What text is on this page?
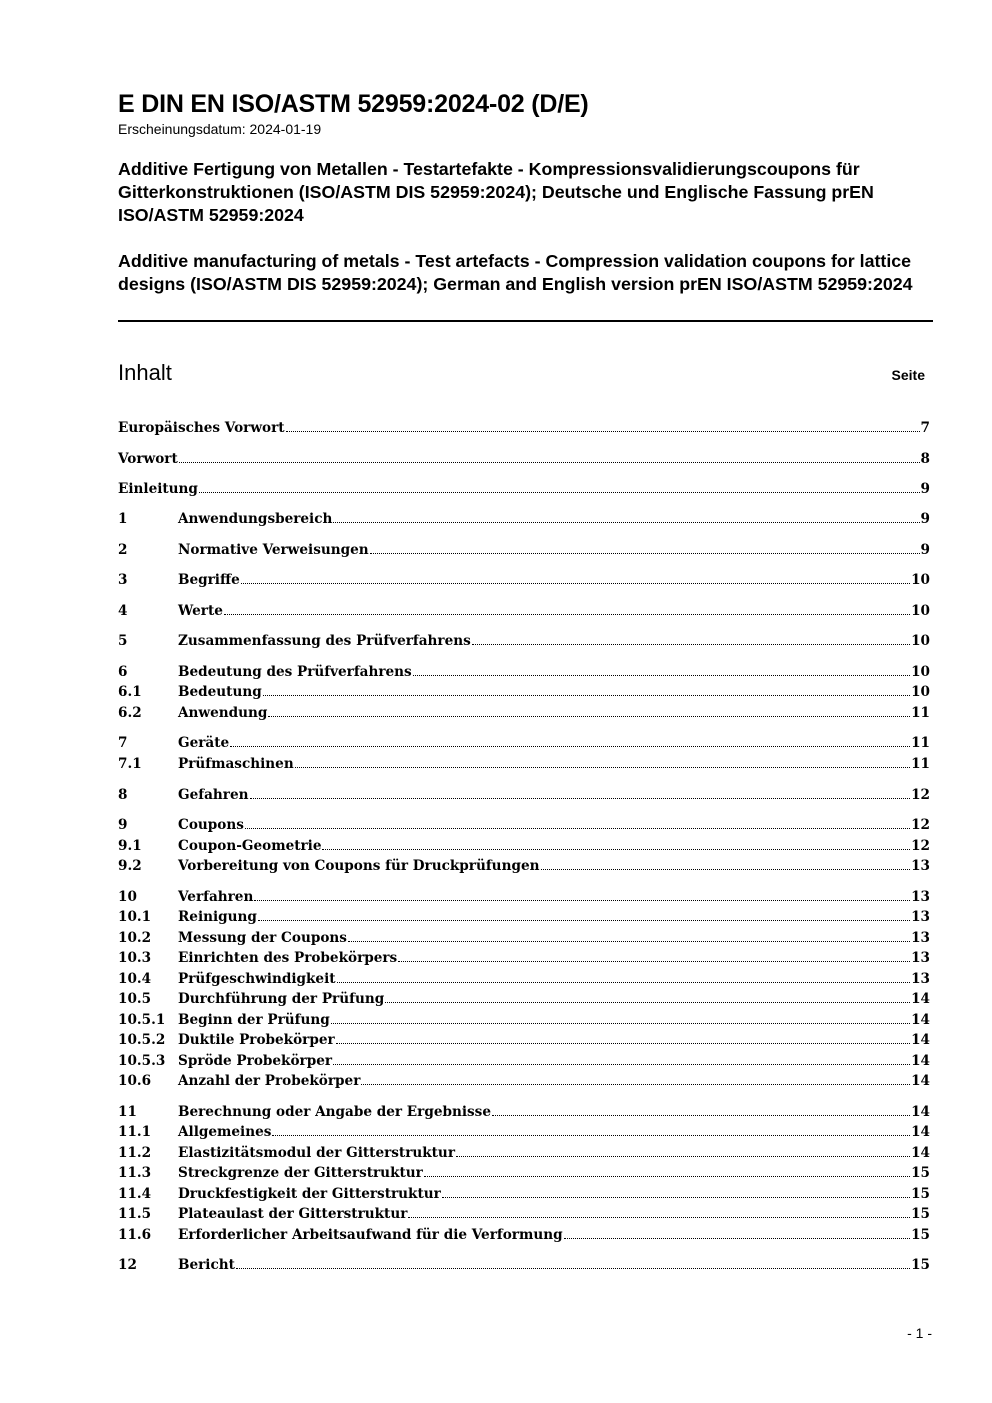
E DIN EN ISO/ASTM 52959:2024-02 (D/E)
Erscheinungsdatum: 2024-01-19
Additive Fertigung von Metallen - Testartefakte - Kompressionsvalidierungscoupons für Gitterkonstruktionen (ISO/ASTM DIS 52959:2024); Deutsche und Englische Fassung prEN ISO/ASTM 52959:2024
Additive manufacturing of metals - Test artefacts - Compression validation coupons for lattice designs (ISO/ASTM DIS 52959:2024); German and English version prEN ISO/ASTM 52959:2024
Inhalt	Seite
Europäisches Vorwort	7
Vorwort	8
Einleitung	9
1	Anwendungsbereich	9
2	Normative Verweisungen	9
3	Begriffe	10
4	Werte	10
5	Zusammenfassung des Prüfverfahrens	10
6	Bedeutung des Prüfverfahrens	10
6.1	Bedeutung	10
6.2	Anwendung	11
7	Geräte	11
7.1	Prüfmaschinen	11
8	Gefahren	12
9	Coupons	12
9.1	Coupon-Geometrie	12
9.2	Vorbereitung von Coupons für Druckprüfungen	13
10	Verfahren	13
10.1	Reinigung	13
10.2	Messung der Coupons	13
10.3	Einrichten des Probekörpers	13
10.4	Prüfgeschwindigkeit	13
10.5	Durchführung der Prüfung	14
10.5.1 Beginn der Prüfung	14
10.5.2 Duktile Probekörper	14
10.5.3 Spröde Probekörper	14
10.6	Anzahl der Probekörper	14
11	Berechnung oder Angabe der Ergebnisse	14
11.1	Allgemeines	14
11.2	Elastizitätsmodul der Gitterstruktur	14
11.3	Streckgrenze der Gitterstruktur	15
11.4	Druckfestigkeit der Gitterstruktur	15
11.5	Plateaulast der Gitterstruktur	15
11.6	Erforderlicher Arbeitsaufwand für die Verformung	15
12	Bericht	15
- 1 -
